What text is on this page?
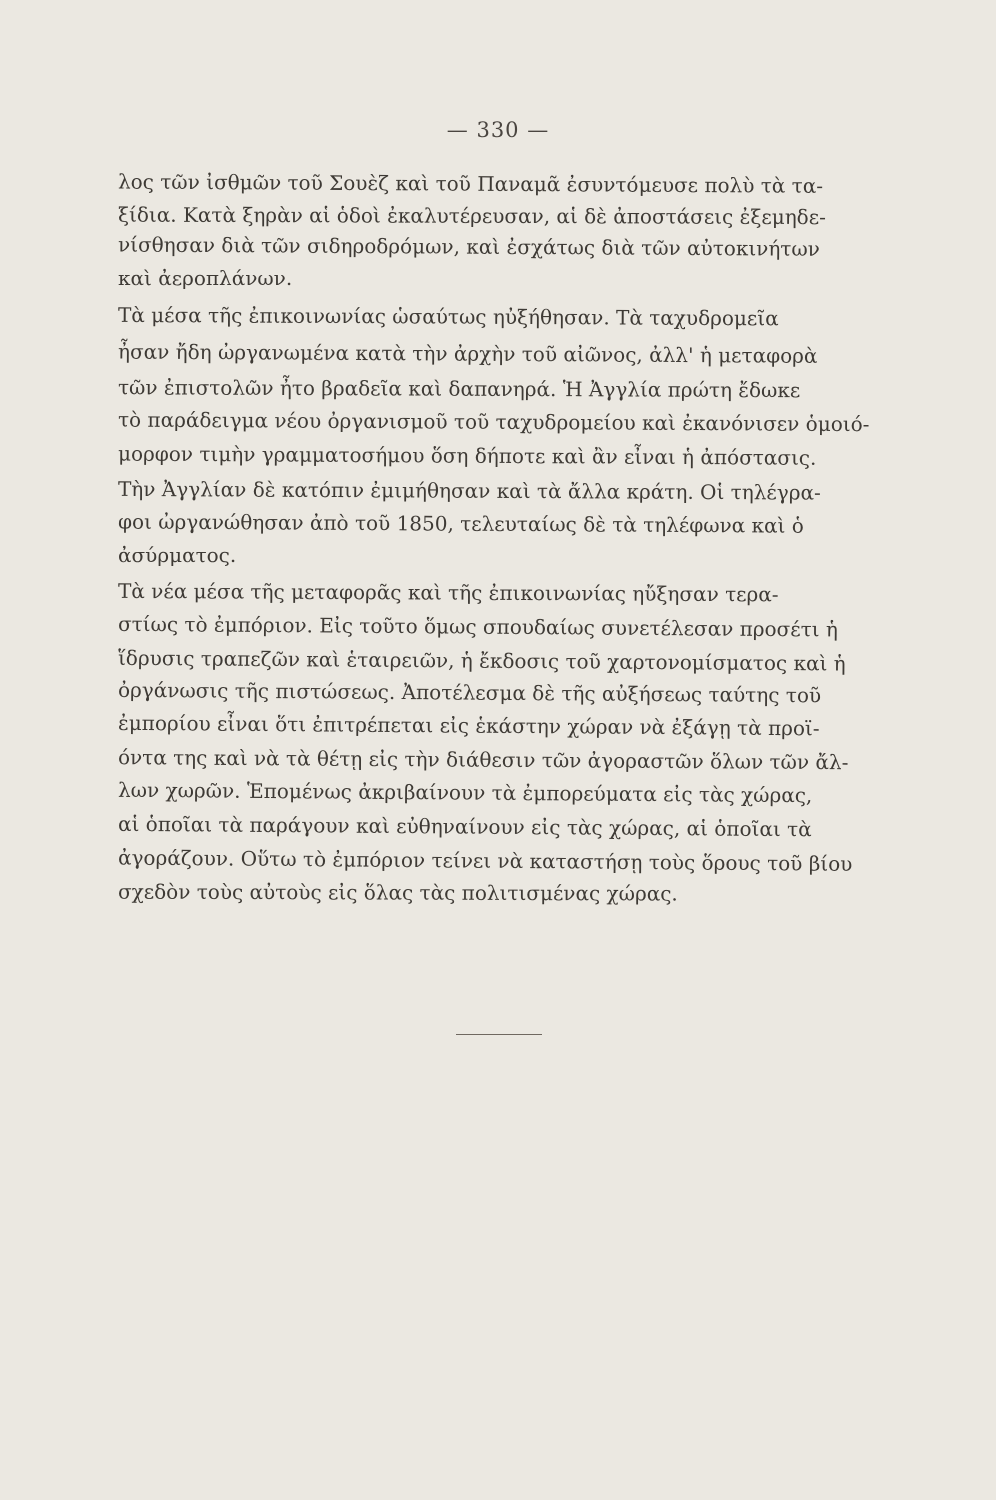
— 330 —
λος τῶν ἰσθμῶν τοῦ Σουὲζ καὶ τοῦ Παναμᾶ ἐσυντόμευσε πολὺ τὰ τα-
ξίδια. Κατὰ ξηρὰν αἱ ὁδοὶ ἐκαλυτέρευσαν, αἱ δὲ ἀποστάσεις ἐξεμηδε-
νίσθησαν διὰ τῶν σιδηροδρόμων, καὶ ἐσχάτως διὰ τῶν αὐτοκινήτων
καὶ ἀεροπλάνων.
Τὰ μέσα τῆς ἐπικοινωνίας ὡσαύτως ηὐξήθησαν. Τὰ ταχυδρομεῖα
ἦσαν ἤδη ὠργανωμένα κατὰ τὴν ἀρχὴν τοῦ αἰῶνος, ἀλλ' ἡ μεταφορὰ
τῶν ἐπιστολῶν ἦτο βραδεῖα καὶ δαπανηρά. Ἡ Ἀγγλία πρώτη ἔδωκε
τὸ παράδειγμα νέου ὀργανισμοῦ τοῦ ταχυδρομείου καὶ ἐκανόνισεν ὁμοιό-
μορφον τιμὴν γραμματοσήμου ὅση δήποτε καὶ ἂν εἶναι ἡ ἀπόστασις.
Τὴν Ἀγγλίαν δὲ κατόπιν ἐμιμήθησαν καὶ τὰ ἄλλα κράτη. Οἱ τηλέγρα-
φοι ὠργανώθησαν ἀπὸ τοῦ 1850, τελευταίως δὲ τὰ τηλέφωνα καὶ ὁ
ἀσύρματος.
Τὰ νέα μέσα τῆς μεταφορᾶς καὶ τῆς ἐπικοινωνίας ηὔξησαν τερα-
στίως τὸ ἐμπόριον. Εἰς τοῦτο ὅμως σπουδαίως συνετέλεσαν προσέτι ἡ
ἵδρυσις τραπεζῶν καὶ ἑταιρειῶν, ἡ ἔκδοσις τοῦ χαρτονομίσματος καὶ ἡ
ὀργάνωσις τῆς πιστώσεως. Ἀποτέλεσμα δὲ τῆς αὐξήσεως ταύτης τοῦ
ἐμπορίου εἶναι ὅτι ἐπιτρέπεται εἰς ἑκάστην χώραν νὰ ἐξάγῃ τὰ προϊ-
όντα της καὶ νὰ τὰ θέτῃ εἰς τὴν διάθεσιν τῶν ἀγοραστῶν ὅλων τῶν ἄλ-
λων χωρῶν. Ἑπομένως ἀκριβαίνουν τὰ ἐμπορεύματα εἰς τὰς χώρας,
αἱ ὁποῖαι τὰ παράγουν καὶ εὐθηναίνουν εἰς τὰς χώρας, αἱ ὁποῖαι τὰ
ἀγοράζουν. Οὕτω τὸ ἐμπόριον τείνει νὰ καταστήσῃ τοὺς ὅρους τοῦ βίου
σχεδὸν τοὺς αὐτοὺς εἰς ὅλας τὰς πολιτισμένας χώρας.
